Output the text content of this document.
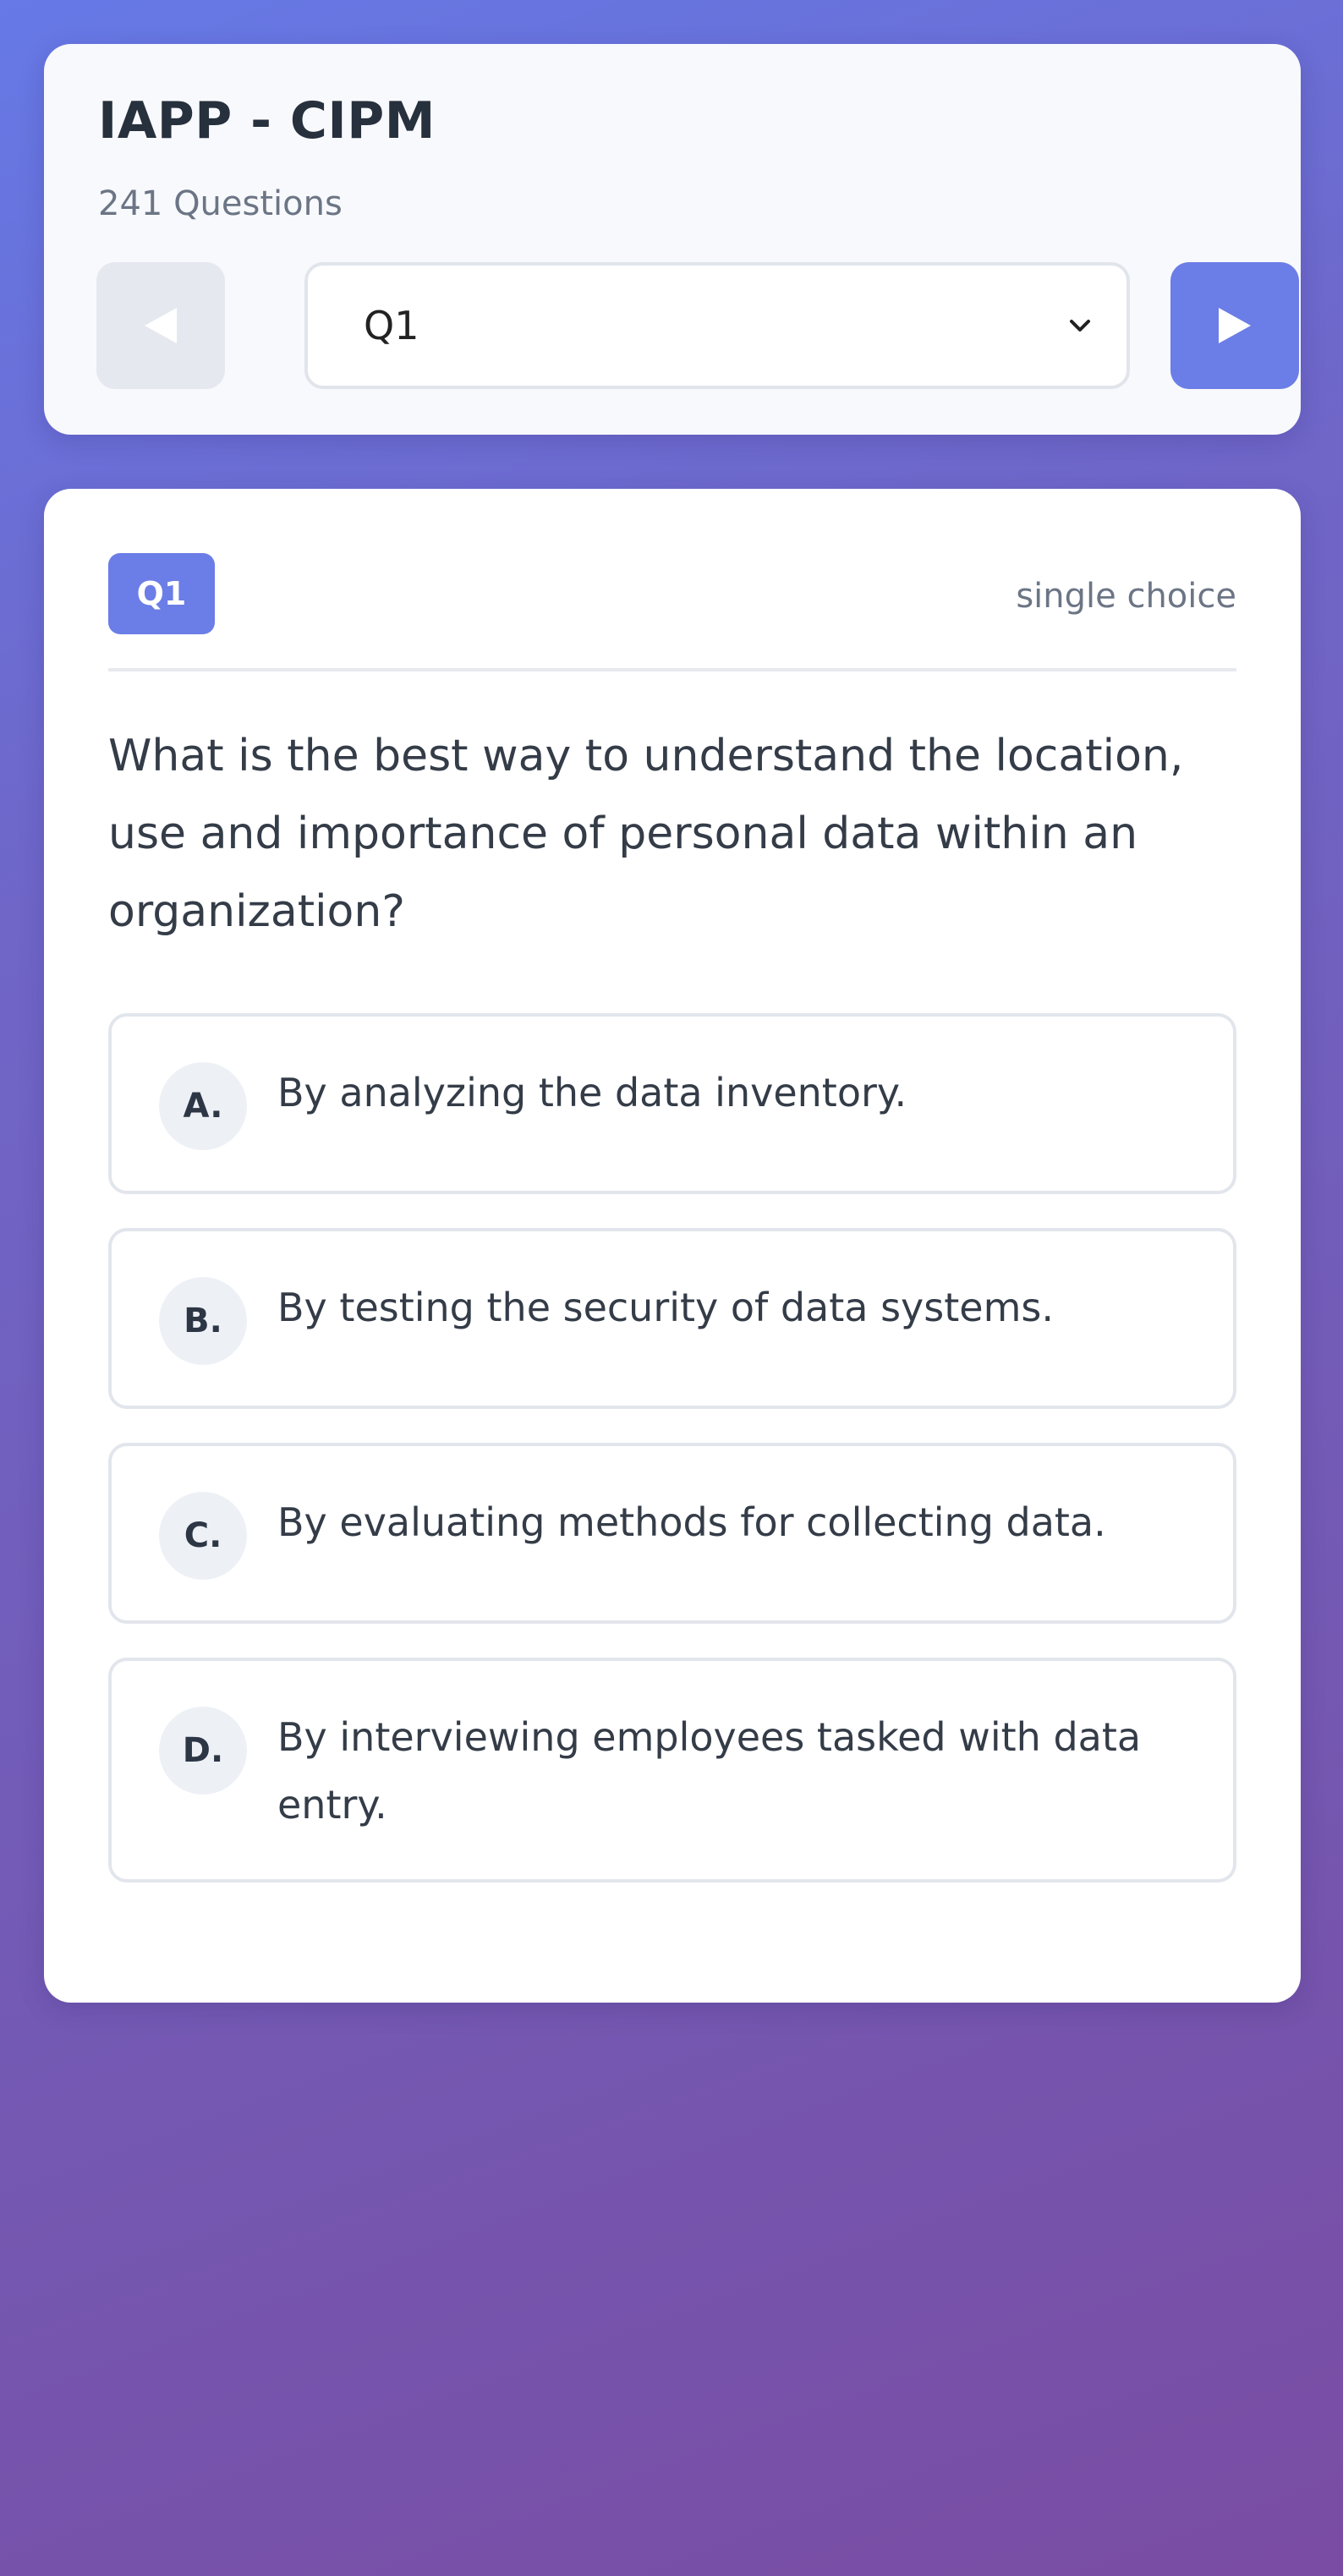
IAPP - CIPM
241 Questions
Q1
Q1	single choice
What is the best way to understand the location, use and importance of personal data within an organization?
A.	By analyzing the data inventory.
B.	By testing the security of data systems.
C.	By evaluating methods for collecting data.
D.	By interviewing employees tasked with data entry.
